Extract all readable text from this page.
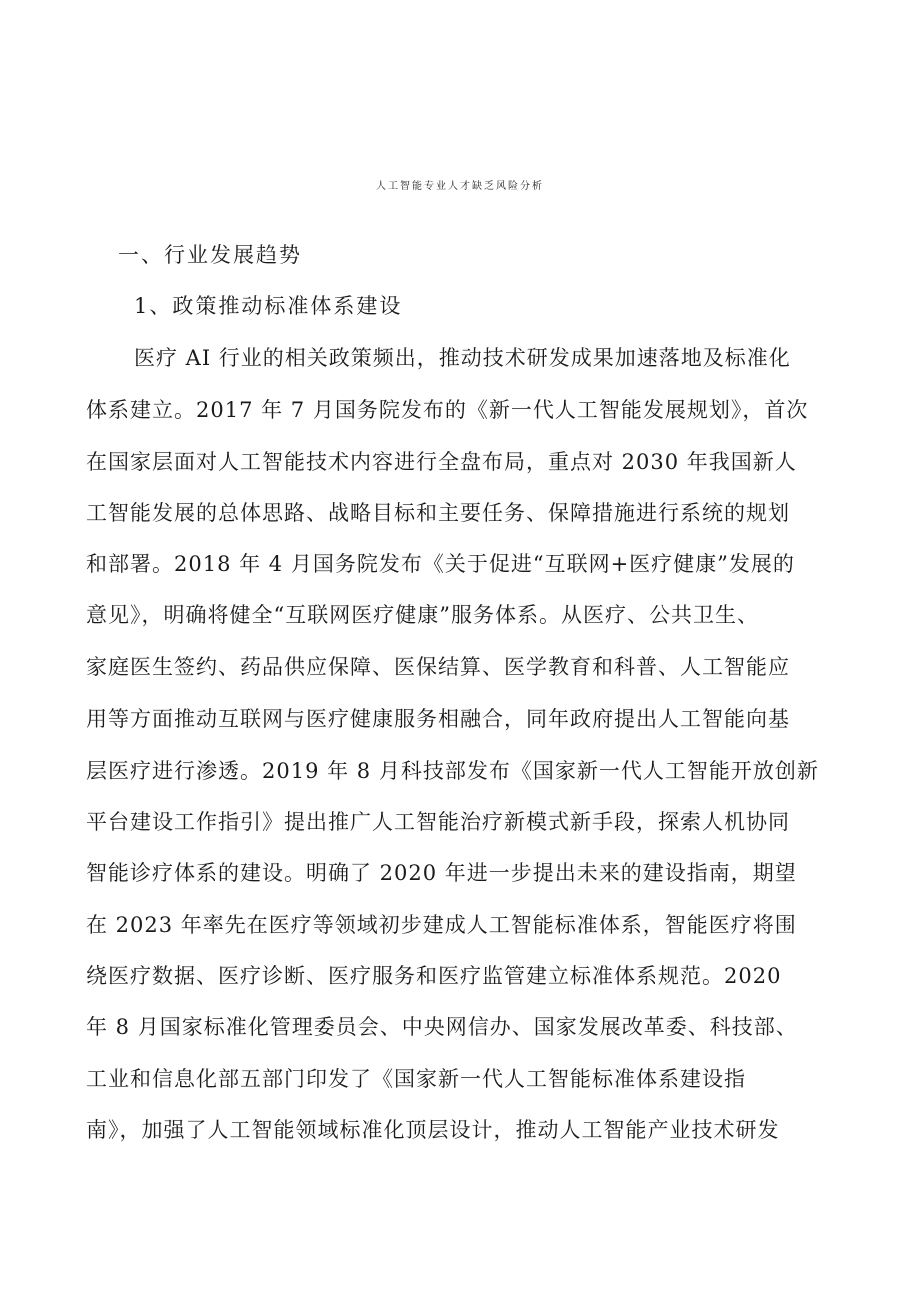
人工智能专业人才缺乏风险分析
一、行业发展趋势
1、政策推动标准体系建设
医疗 AI 行业的相关政策频出，推动技术研发成果加速落地及标准化
体系建立。2017 年 7 月国务院发布的《新一代人工智能发展规划》，首次
在国家层面对人工智能技术内容进行全盘布局，重点对 2030 年我国新人
工智能发展的总体思路、战略目标和主要任务、保障措施进行系统的规划
和部署。2018 年 4 月国务院发布《关于促进“互联网+医疗健康”发展的
意见》，明确将健全“互联网医疗健康”服务体系。从医疗、公共卫生、
家庭医生签约、药品供应保障、医保结算、医学教育和科普、人工智能应
用等方面推动互联网与医疗健康服务相融合，同年政府提出人工智能向基
层医疗进行渗透。2019 年 8 月科技部发布《国家新一代人工智能开放创新
平台建设工作指引》提出推广人工智能治疗新模式新手段，探索人机协同
智能诊疗体系的建设。明确了 2020 年进一步提出未来的建设指南，期望
在 2023 年率先在医疗等领域初步建成人工智能标准体系，智能医疗将围
绕医疗数据、医疗诊断、医疗服务和医疗监管建立标准体系规范。2020
年 8 月国家标准化管理委员会、中央网信办、国家发展改革委、科技部、
工业和信息化部五部门印发了《国家新一代人工智能标准体系建设指
南》，加强了人工智能领域标准化顶层设计，推动人工智能产业技术研发
